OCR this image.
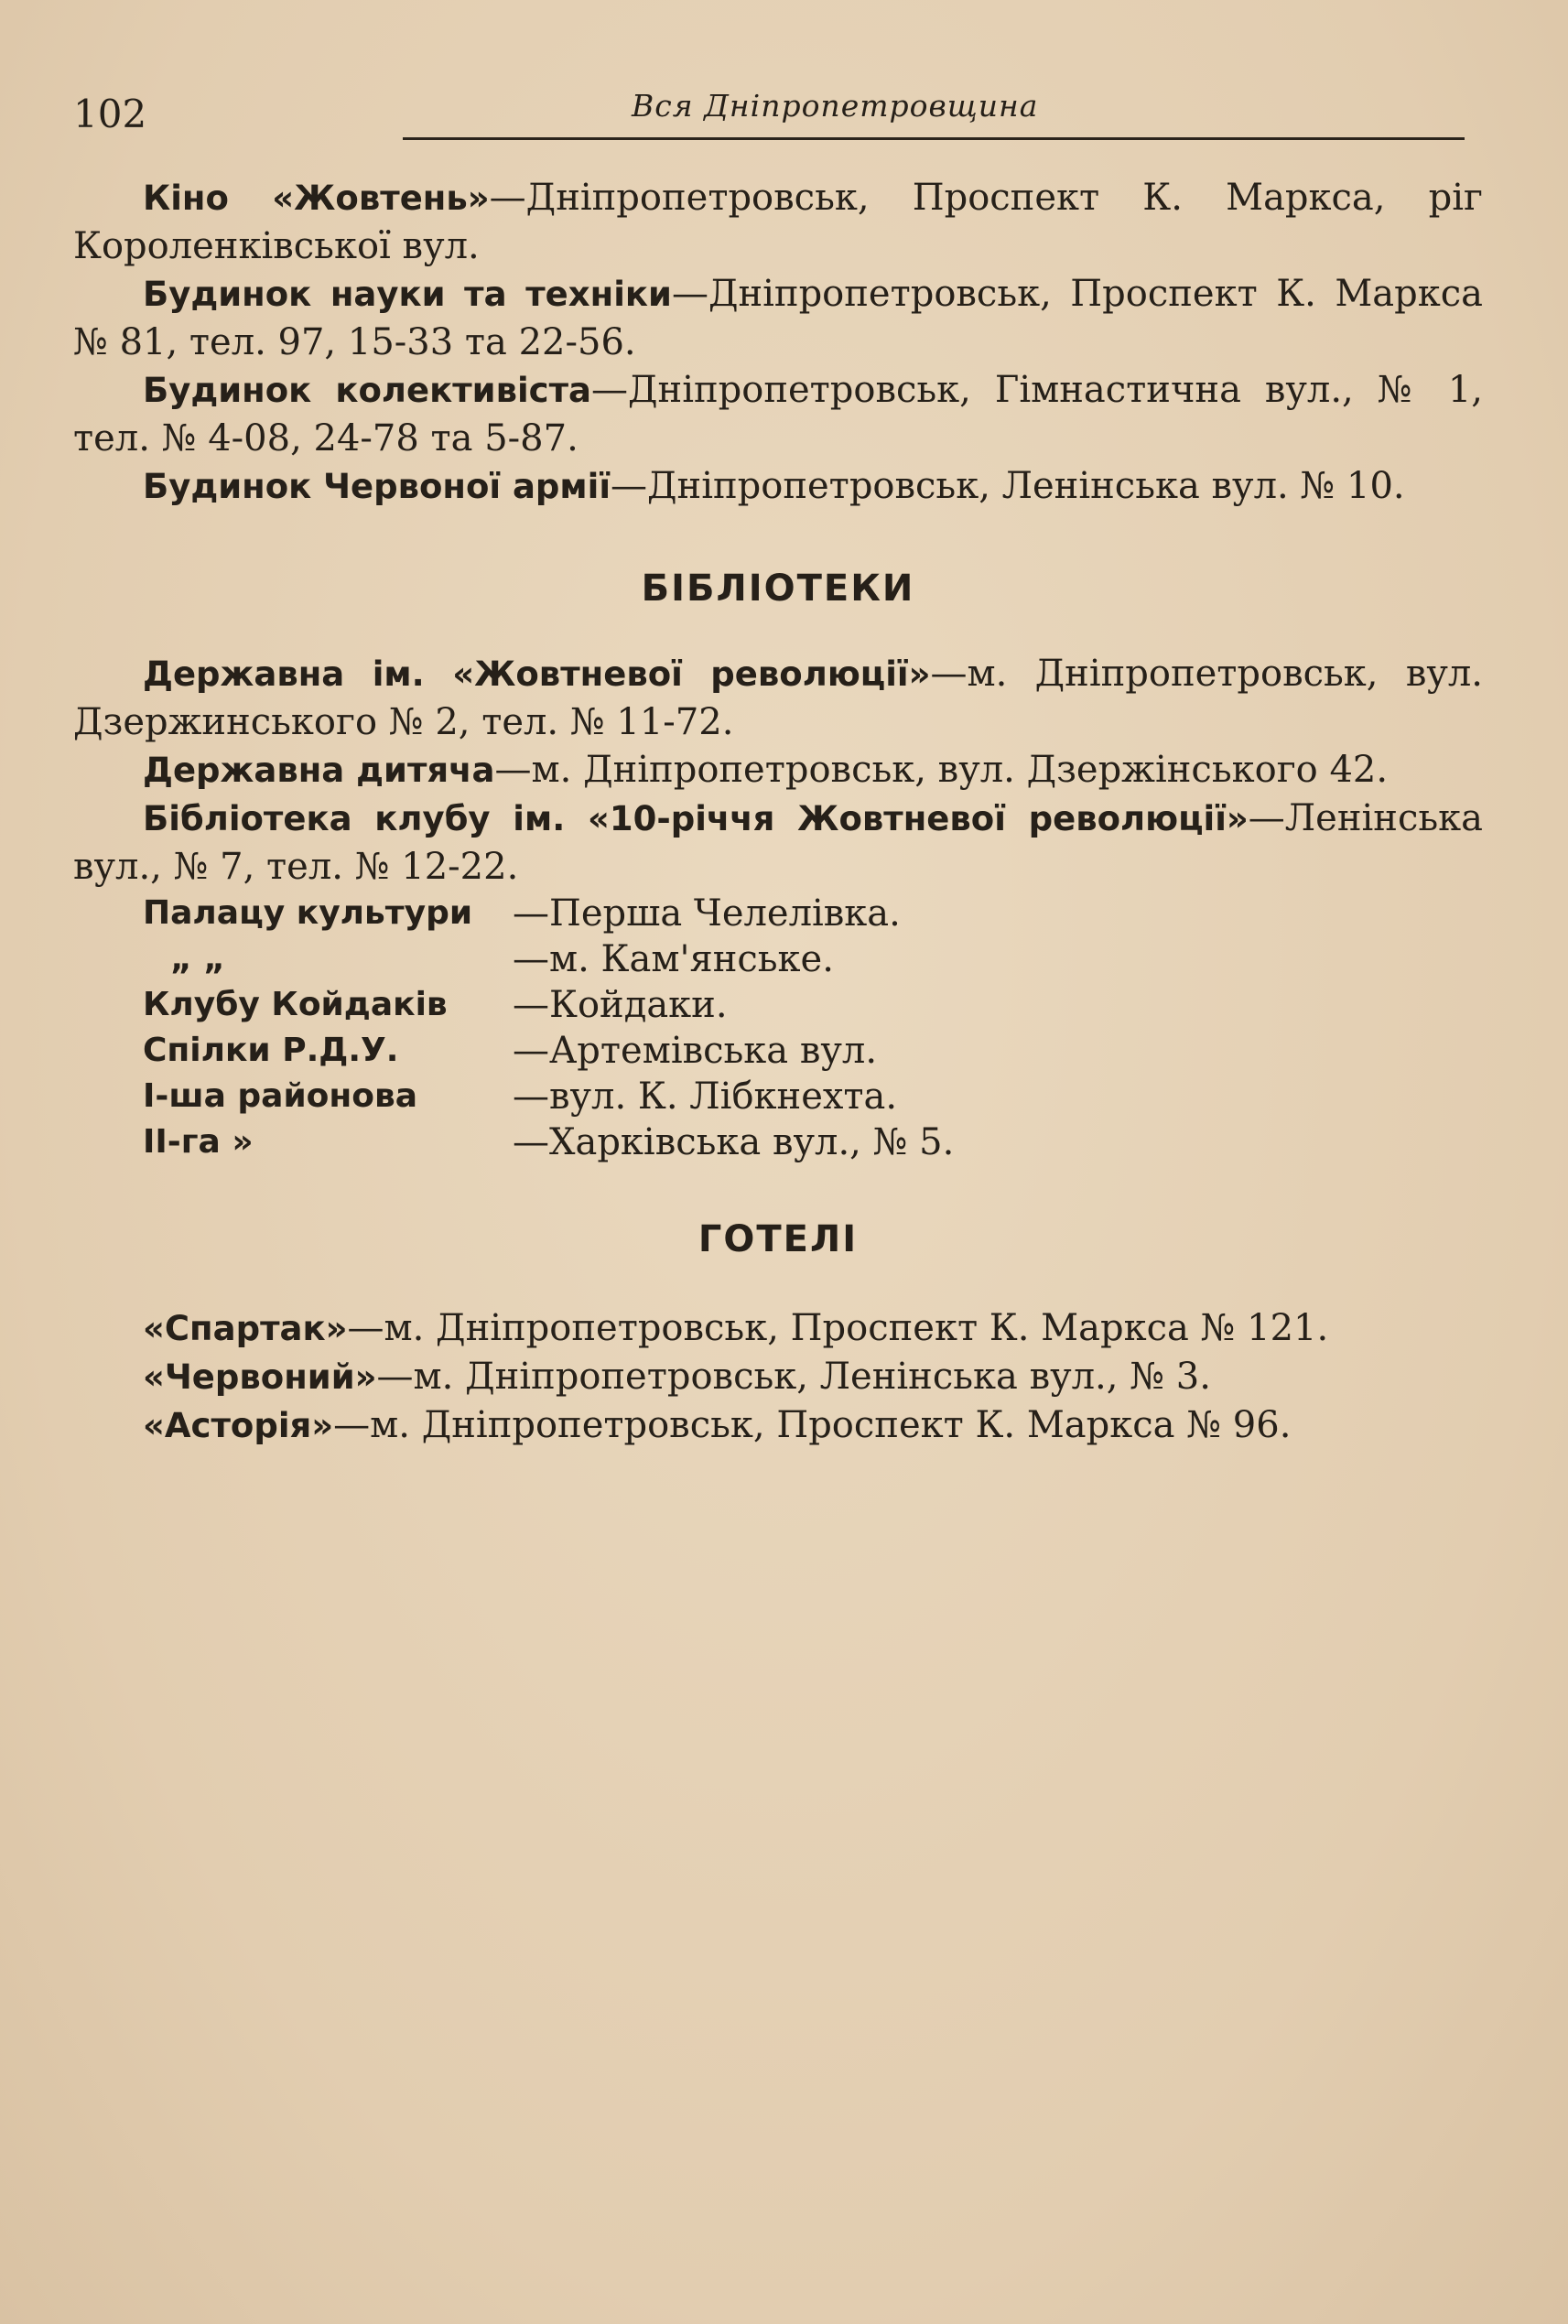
102	Вся Дніпропетровщина

Кіно «Жовтень»—Дніпропетровськ, Проспект К. Маркса, ріг Короленківської вул.

Будинок науки та техніки—Дніпропетровськ, Проспект К. Маркса № 81, тел. 97, 15-33 та 22-56.

Будинок колективіста—Дніпропетровськ, Гімнастична вул., № 1, тел. № 4-08, 24-78 та 5-87.

Будинок Червоної армії—Дніпропетровськ, Ленінська вул. № 10.

БІБЛІОТЕКИ

Державна ім. «Жовтневої революції»—м. Дніпропетровськ, вул. Дзержинського № 2, тел. № 11-72.

Державна дитяча—м. Дніпропетровськ, вул. Дзержінського 42.

Бібліотека клубу ім. «10-річчя Жовтневої революції»—Ленінська вул., № 7, тел. № 12-22.

Палацу культури —Перша Челелівка.
„ „	—м. Кам'янське.
Клубу Койдаків —Койдаки.
Спілки Р.Д.У.	—Артемівська вул.
І-ша районова	—вул. К. Лібкнехта.
ІІ-га »	—Харківська вул., № 5.
ГОТЕЛІ

«Спартак»—м. Дніпропетровськ, Проспект К. Маркса № 121.

«Червоний»—м. Дніпропетровськ, Ленінська вул., № 3.

«Асторія»—м. Дніпропетровськ, Проспект К. Маркса № 96.
